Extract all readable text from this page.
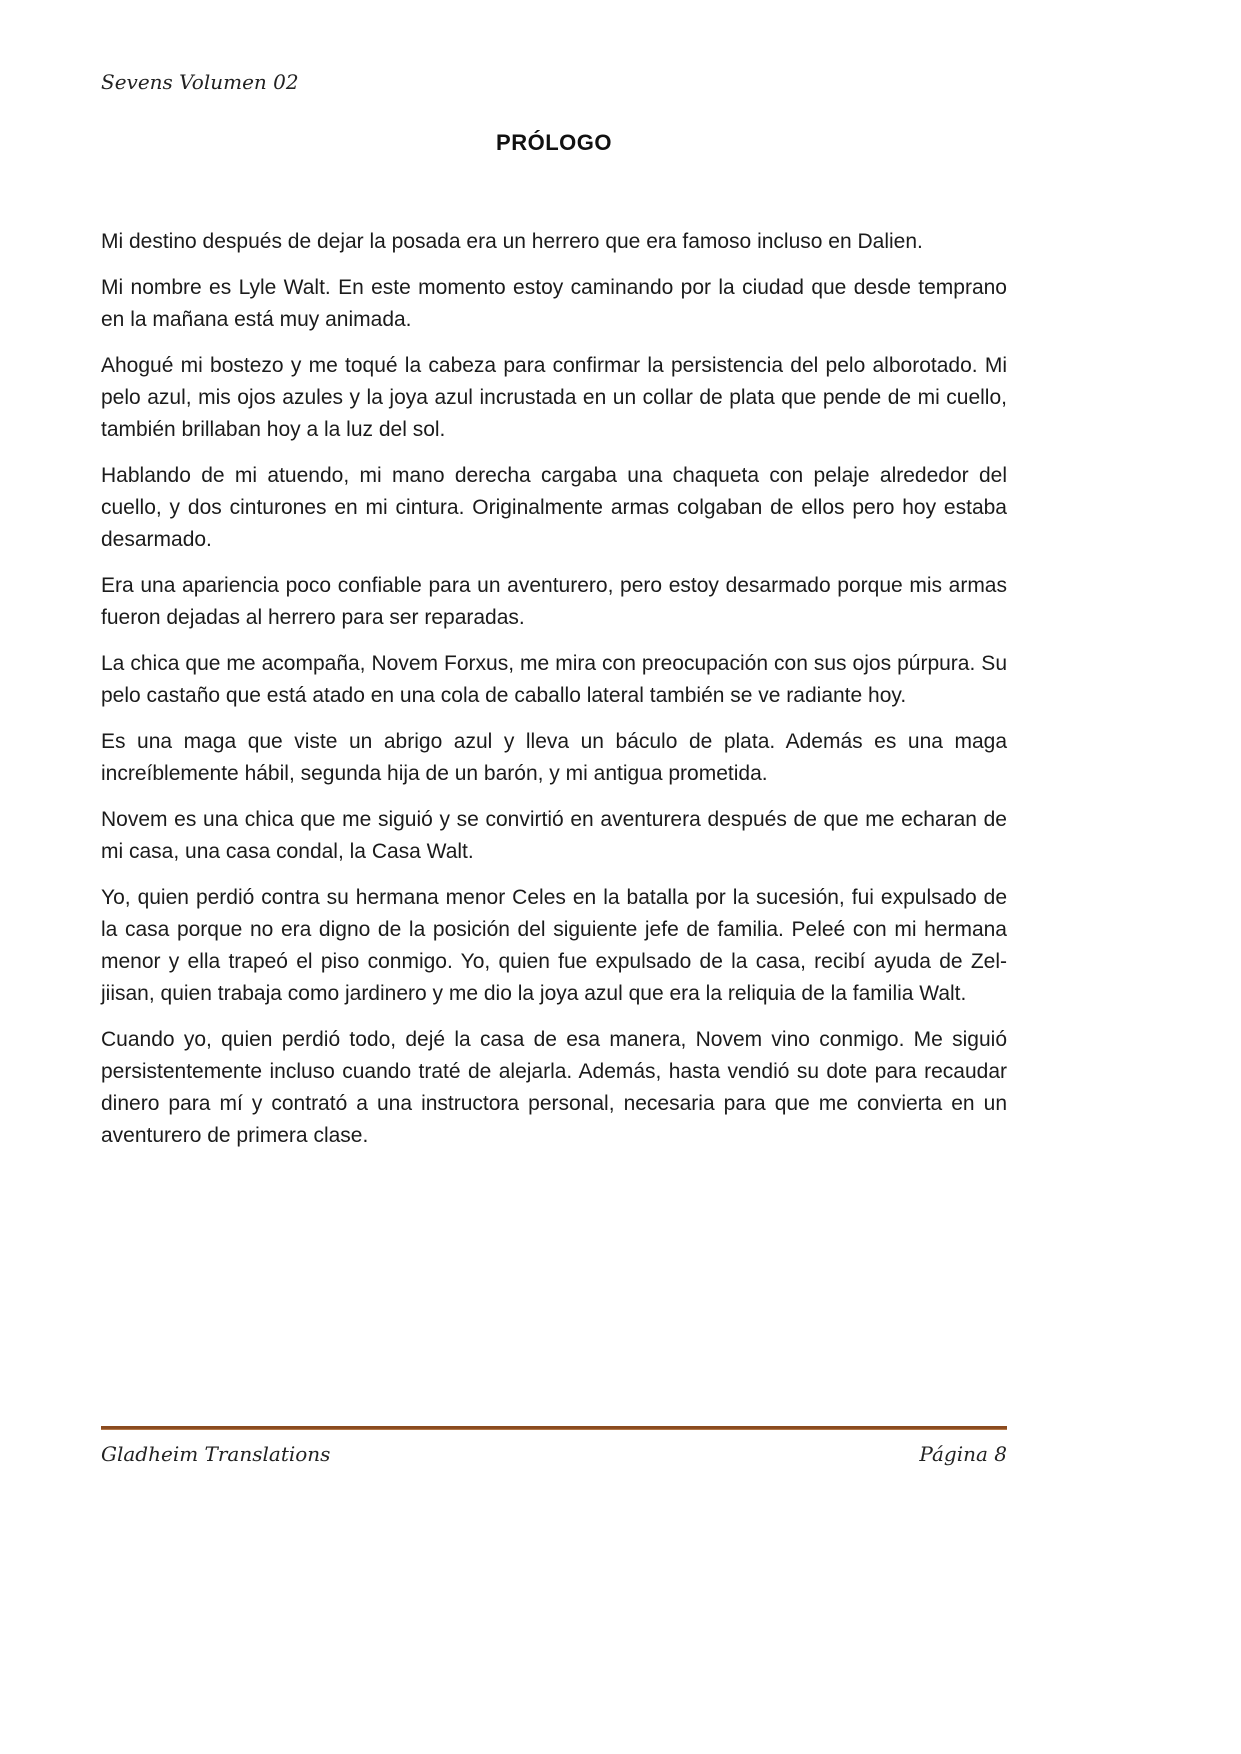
Sevens Volumen 02
PRÓLOGO

Mi destino después de dejar la posada era un herrero que era famoso incluso en Dalien.

Mi nombre es Lyle Walt. En este momento estoy caminando por la ciudad que desde temprano en la mañana está muy animada.

Ahogué mi bostezo y me toqué la cabeza para confirmar la persistencia del pelo alborotado. Mi pelo azul, mis ojos azules y la joya azul incrustada en un collar de plata que pende de mi cuello, también brillaban hoy a la luz del sol.

Hablando de mi atuendo, mi mano derecha cargaba una chaqueta con pelaje alrededor del cuello, y dos cinturones en mi cintura. Originalmente armas colgaban de ellos pero hoy estaba desarmado.

Era una apariencia poco confiable para un aventurero, pero estoy desarmado porque mis armas fueron dejadas al herrero para ser reparadas.

La chica que me acompaña, Novem Forxus, me mira con preocupación con sus ojos púrpura. Su pelo castaño que está atado en una cola de caballo lateral también se ve radiante hoy.

Es una maga que viste un abrigo azul y lleva un báculo de plata. Además es una maga increíblemente hábil, segunda hija de un barón, y mi antigua prometida.

Novem es una chica que me siguió y se convirtió en aventurera después de que me echaran de mi casa, una casa condal, la Casa Walt.

Yo, quien perdió contra su hermana menor Celes en la batalla por la sucesión, fui expulsado de la casa porque no era digno de la posición del siguiente jefe de familia. Peleé con mi hermana menor y ella trapeó el piso conmigo. Yo, quien fue expulsado de la casa, recibí ayuda de Zel-jiisan, quien trabaja como jardinero y me dio la joya azul que era la reliquia de la familia Walt.

Cuando yo, quien perdió todo, dejé la casa de esa manera, Novem vino conmigo. Me siguió persistentemente incluso cuando traté de alejarla. Además, hasta vendió su dote para recaudar dinero para mí y contrató a una instructora personal, necesaria para que me convierta en un aventurero de primera clase.

Gladheim Translations	Página 8
